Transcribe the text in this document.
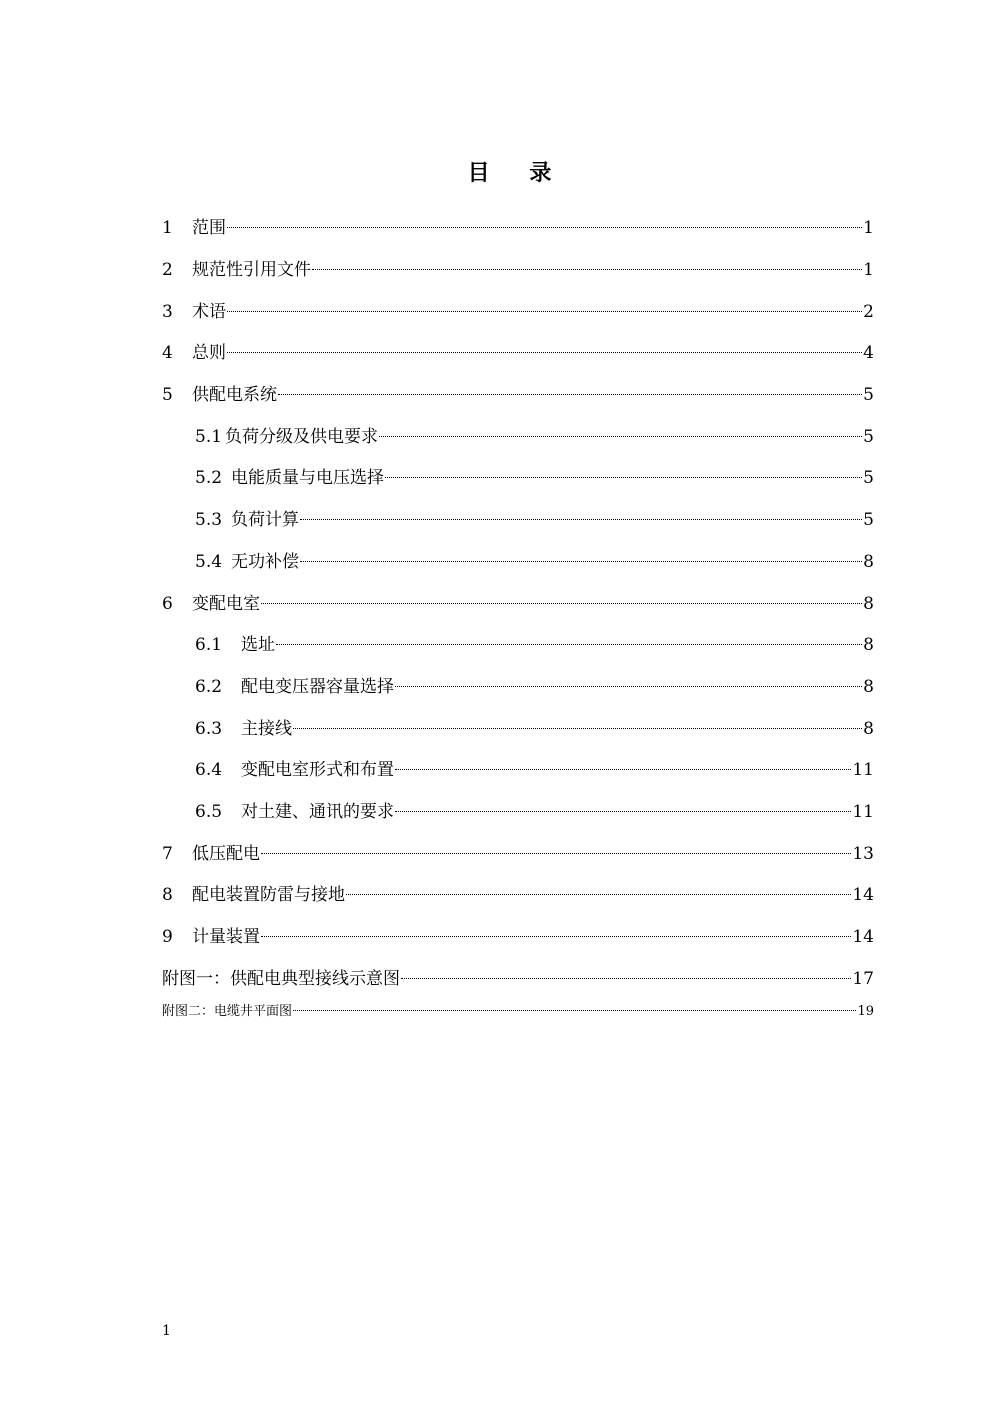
目 录
1	范围	1
2	规范性引用文件	1
3	术语	2
4	总则	4
5	供配电系统	5
5.1 负荷分级及供电要求	5
5.2 电能质量与电压选择	5
5.3 负荷计算	5
5.4 无功补偿	8
6	变配电室	8
6.1	选址	8
6.2	配电变压器容量选择	8
6.3	主接线	8
6.4	变配电室形式和布置	11
6.5	对土建、通讯的要求	11
7	低压配电	13
8	配电装置防雷与接地	14
9	计量装置	14
附图一：供配电典型接线示意图	17
附图二：电缆井平面图	19
1
